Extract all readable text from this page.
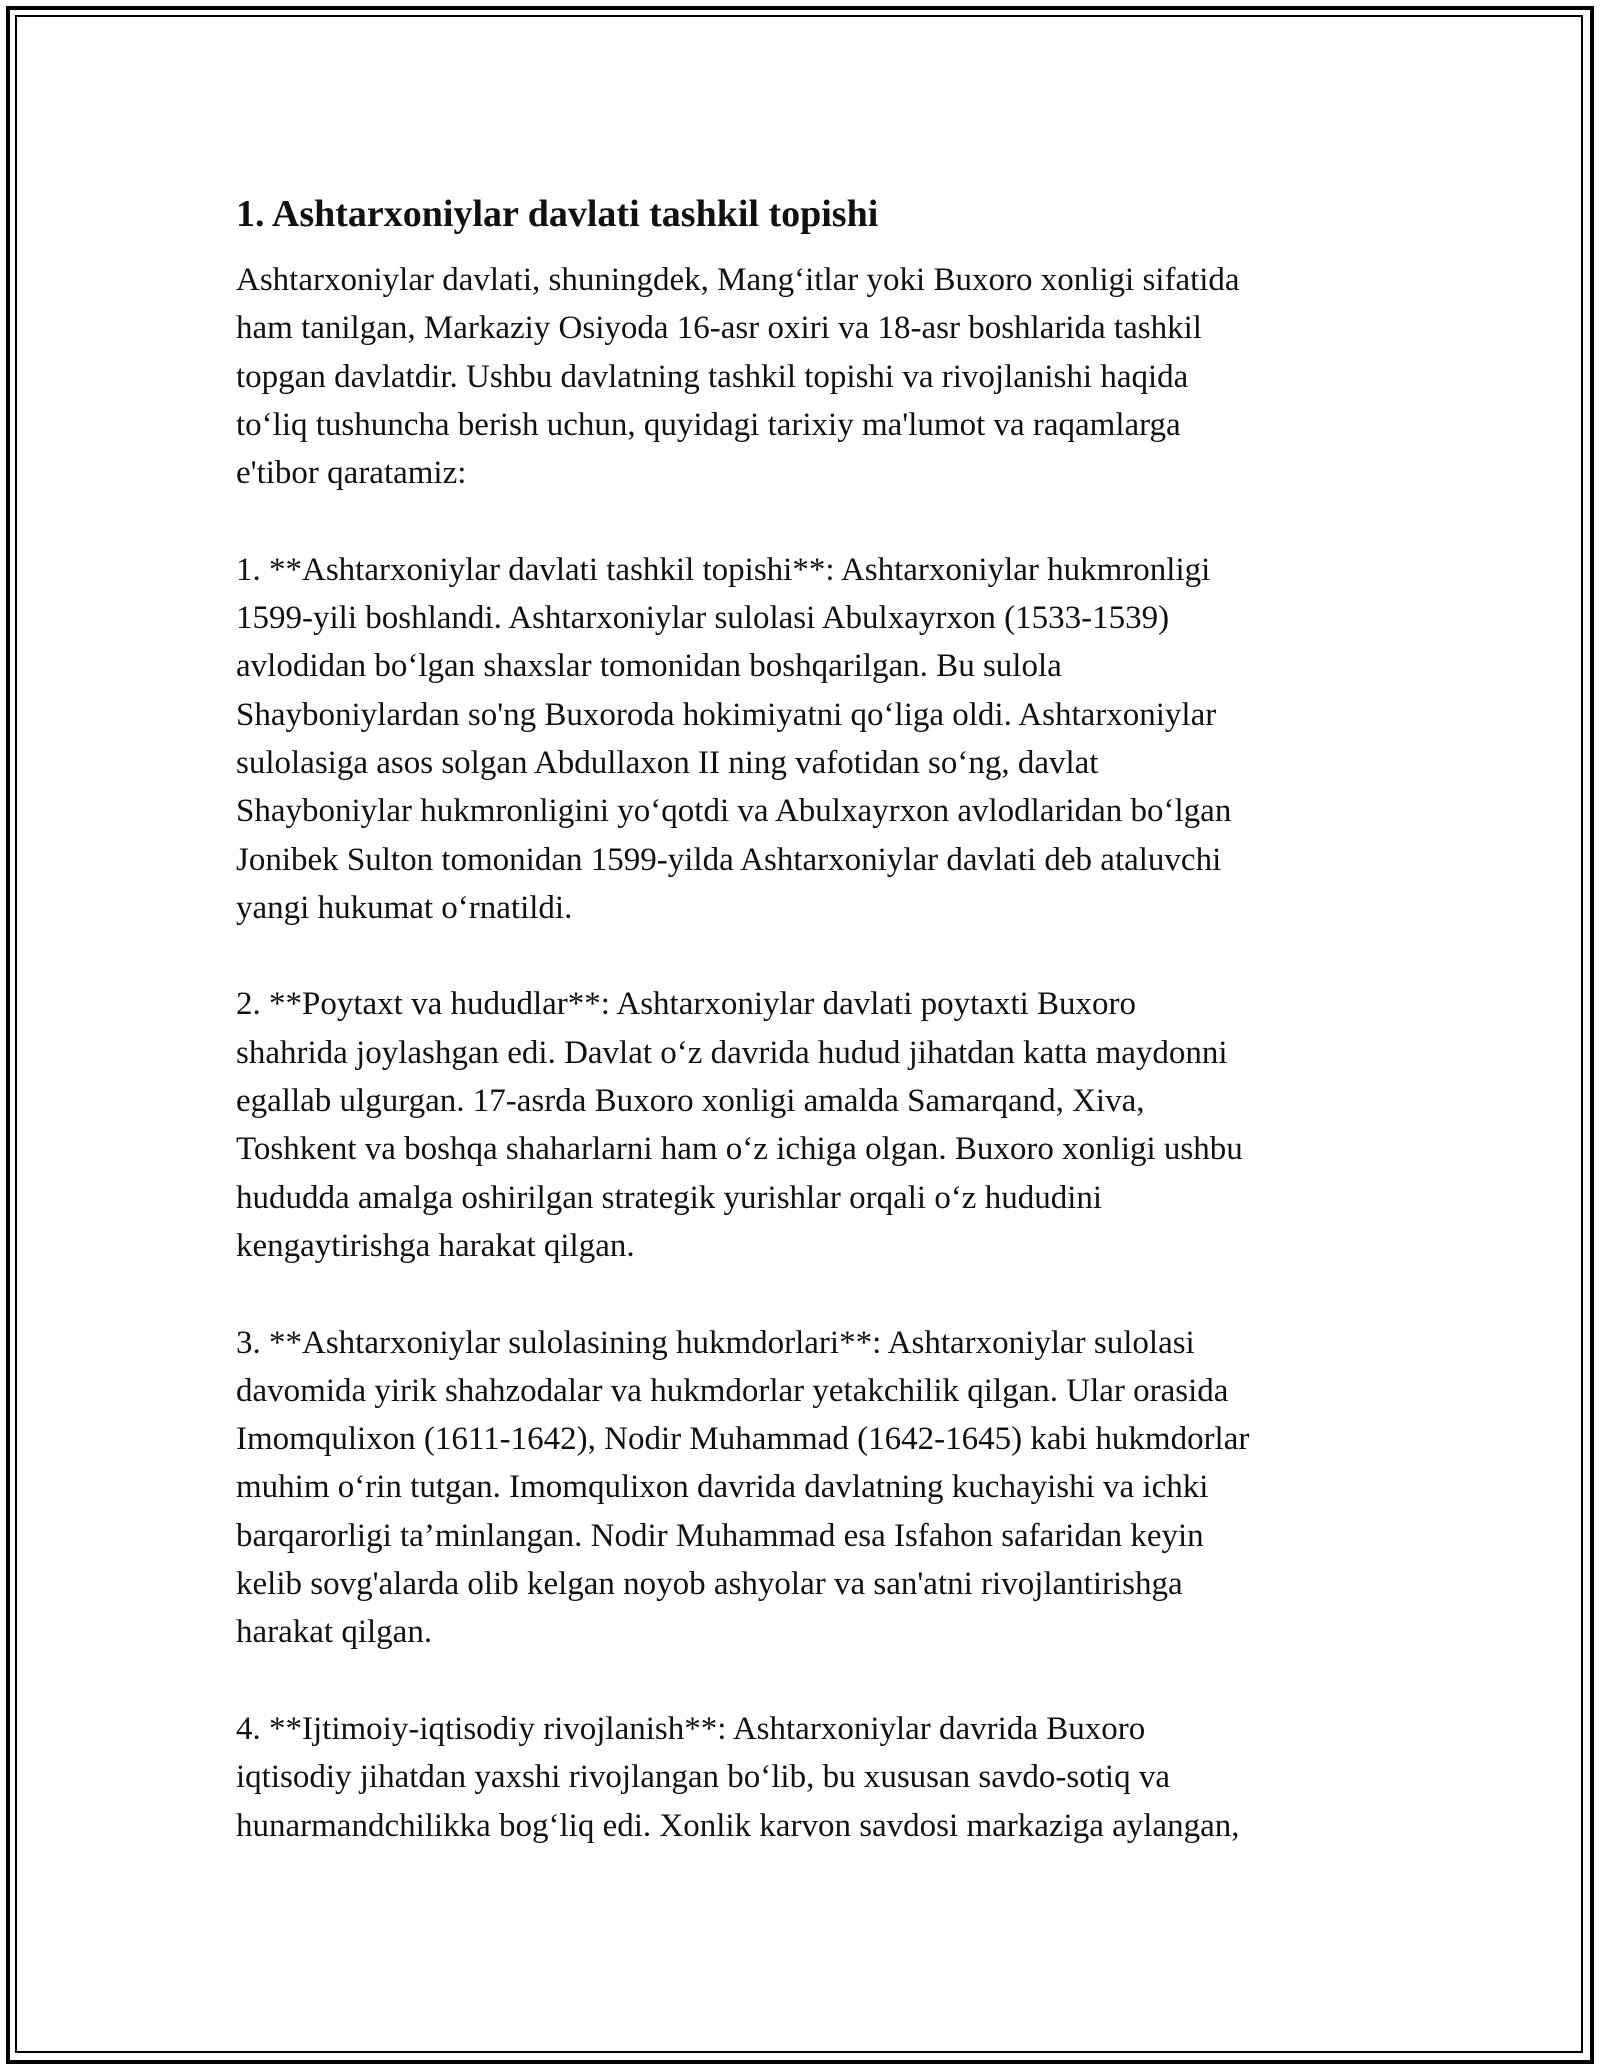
1. Ashtarxoniylar davlati tashkil topishi
Ashtarxoniylar davlati, shuningdek, Mang‘itlar yoki Buxoro xonligi sifatida
ham tanilgan, Markaziy Osiyoda 16-asr oxiri va 18-asr boshlarida tashkil
topgan davlatdir. Ushbu davlatning tashkil topishi va rivojlanishi haqida
to‘liq tushuncha berish uchun, quyidagi tarixiy ma'lumot va raqamlarga
e'tibor qaratamiz:
1. **Ashtarxoniylar davlati tashkil topishi**: Ashtarxoniylar hukmronligi
1599-yili boshlandi. Ashtarxoniylar sulolasi Abulxayrxon (1533-1539)
avlodidan bo‘lgan shaxslar tomonidan boshqarilgan. Bu sulola
Shayboniylardan so'ng Buxoroda hokimiyatni qo‘liga oldi. Ashtarxoniylar
sulolasiga asos solgan Abdullaxon II ning vafotidan so‘ng, davlat
Shayboniylar hukmronligini yo‘qotdi va Abulxayrxon avlodlaridan bo‘lgan
Jonibek Sulton tomonidan 1599-yilda Ashtarxoniylar davlati deb ataluvchi
yangi hukumat o‘rnatildi.
2. **Poytaxt va hududlar**: Ashtarxoniylar davlati poytaxti Buxoro
shahrida joylashgan edi. Davlat o‘z davrida hudud jihatdan katta maydonni
egallab ulgurgan. 17-asrda Buxoro xonligi amalda Samarqand, Xiva,
Toshkent va boshqa shaharlarni ham o‘z ichiga olgan. Buxoro xonligi ushbu
hududda amalga oshirilgan strategik yurishlar orqali o‘z hududini
kengaytirishga harakat qilgan.
3. **Ashtarxoniylar sulolasining hukmdorlari**: Ashtarxoniylar sulolasi
davomida yirik shahzodalar va hukmdorlar yetakchilik qilgan. Ular orasida
Imomqulixon (1611-1642), Nodir Muhammad (1642-1645) kabi hukmdorlar
muhim o‘rin tutgan. Imomqulixon davrida davlatning kuchayishi va ichki
barqarorligi ta’minlangan. Nodir Muhammad esa Isfahon safaridan keyin
kelib sovg'alarda olib kelgan noyob ashyolar va san'atni rivojlantirishga
harakat qilgan.
4. **Ijtimoiy-iqtisodiy rivojlanish**: Ashtarxoniylar davrida Buxoro
iqtisodiy jihatdan yaxshi rivojlangan bo‘lib, bu xususan savdo-sotiq va
hunarmandchilikka bog‘liq edi. Xonlik karvon savdosi markaziga aylangan,
